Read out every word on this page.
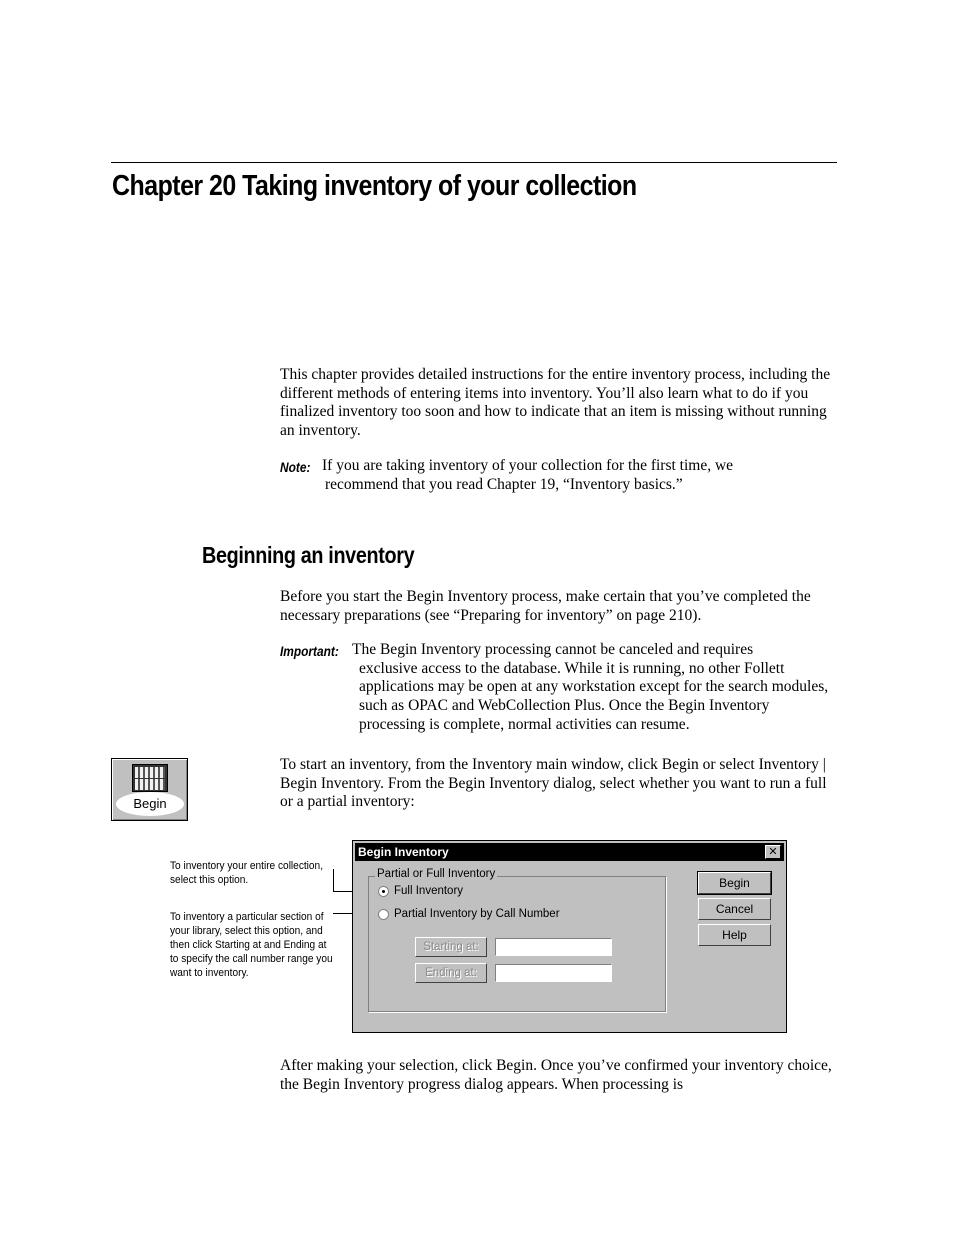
Chapter 20 Taking inventory of your collection

This chapter provides detailed instructions for the entire inventory process, including the different methods of entering items into inventory. You’ll also learn what to do if you finalized inventory too soon and how to indicate that an item is missing without running an inventory.

Note: If you are taking inventory of your collection for the first time, we
recommend that you read Chapter 19, “Inventory basics.”
Beginning an inventory

Before you start the Begin Inventory process, make certain that you’ve completed the necessary preparations (see “Preparing for inventory” on page 210).

Important: The Begin Inventory processing cannot be canceled and requires
exclusive access to the database. While it is running, no other Follett applications may be open at any workstation except for the search modules, such as OPAC and WebCollection Plus. Once the Begin Inventory processing is complete, normal activities can resume.
Begin

To start an inventory, from the Inventory main window, click Begin or select Inventory | Begin Inventory. From the Begin Inventory dialog, select whether you want to run a full or a partial inventory:

To inventory your entire collection, select this option.
To inventory a particular section of your library, select this option, and then click Starting at and Ending at to specify the call number range you want to inventory.
Begin Inventory	✕
Partial or Full Inventory
Full Inventory
Partial Inventory by Call Number
Starting at:
Ending at:
Begin
Cancel
Help

After making your selection, click Begin. Once you’ve confirmed your inventory choice, the Begin Inventory progress dialog appears. When processing is
